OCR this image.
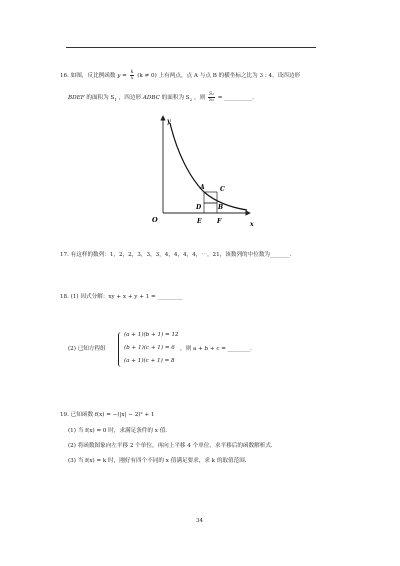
16. 如图，反比例函数 $y = \frac{k}{x} (k \ne 0)$ 上有两点，点 A 与点 B 的横坐标之比为 3 : 4，设四边形
BDEF 的面积为 $S_1$ ，四边形 ADBC 的面积为 $S_2$ ，则 $\frac{\text{S₂}}{\text{S₁}}$ = __________.
y
x
O
A	C
D	B
E	F
17. 有这样的数列：1，2，2，3，3，3，4，4，4，4，⋯，21，该数列的中位数为_______.
18. (1) 因式分解：xy + x + y + 1 = _________
(2) 已知方程组
(a + 1)(b + 1) = 12
(b + 1)(c + 1) = 6
(a + 1)(c + 1) = 8
，则 a + b + c = ________.
19. 已知函数 f(x) = −(|x| − 2)² + 1
(1) 当 f(x) = 0 时，求满足条件的 x 值.
(2) 将函数图象向左平移 2 个单位，再向上平移 4 个单位，求平移后的函数解析式.
(3) 当 f(x) = k 时，刚好有四个不同的 x 值满足要求，求 k 的取值范围.
34
